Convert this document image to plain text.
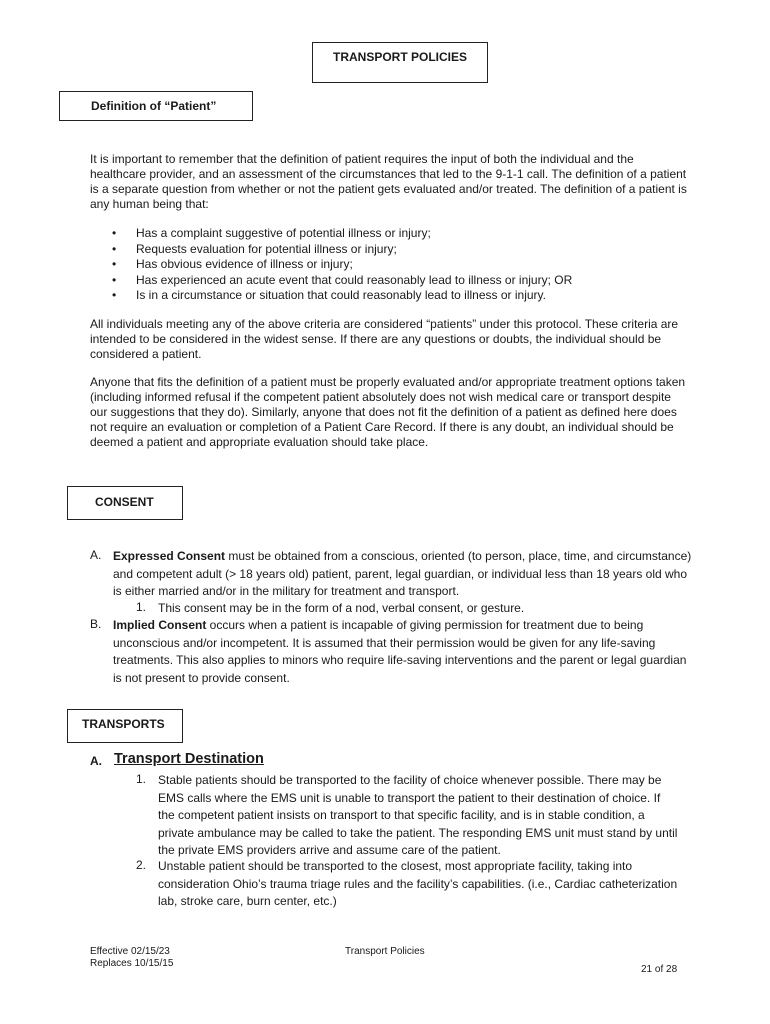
TRANSPORT POLICIES
Definition of “Patient”
It is important to remember that the definition of patient requires the input of both the individual and the healthcare provider, and an assessment of the circumstances that led to the 9-1-1 call. The definition of a patient is a separate question from whether or not the patient gets evaluated and/or treated. The definition of a patient is any human being that:
• Has a complaint suggestive of potential illness or injury;
• Requests evaluation for potential illness or injury;
• Has obvious evidence of illness or injury;
• Has experienced an acute event that could reasonably lead to illness or injury; OR
• Is in a circumstance or situation that could reasonably lead to illness or injury.
All individuals meeting any of the above criteria are considered “patients” under this protocol. These criteria are intended to be considered in the widest sense. If there are any questions or doubts, the individual should be considered a patient.
Anyone that fits the definition of a patient must be properly evaluated and/or appropriate treatment options taken (including informed refusal if the competent patient absolutely does not wish medical care or transport despite our suggestions that they do). Similarly, anyone that does not fit the definition of a patient as defined here does not require an evaluation or completion of a Patient Care Record. If there is any doubt, an individual should be deemed a patient and appropriate evaluation should take place.
CONSENT
A. Expressed Consent must be obtained from a conscious, oriented (to person, place, time, and circumstance) and competent adult (> 18 years old) patient, parent, legal guardian, or individual less than 18 years old who is either married and/or in the military for treatment and transport.
1. This consent may be in the form of a nod, verbal consent, or gesture.
B. Implied Consent occurs when a patient is incapable of giving permission for treatment due to being unconscious and/or incompetent. It is assumed that their permission would be given for any life-saving treatments. This also applies to minors who require life-saving interventions and the parent or legal guardian is not present to provide consent.
TRANSPORTS
A. Transport Destination
1. Stable patients should be transported to the facility of choice whenever possible. There may be EMS calls where the EMS unit is unable to transport the patient to their destination of choice. If the competent patient insists on transport to that specific facility, and is in stable condition, a private ambulance may be called to take the patient. The responding EMS unit must stand by until the private EMS providers arrive and assume care of the patient.
2. Unstable patient should be transported to the closest, most appropriate facility, taking into consideration Ohio’s trauma triage rules and the facility’s capabilities. (i.e., Cardiac catheterization lab, stroke care, burn center, etc.)
Effective 02/15/23
Replaces 10/15/15
Transport Policies
21 of 28
